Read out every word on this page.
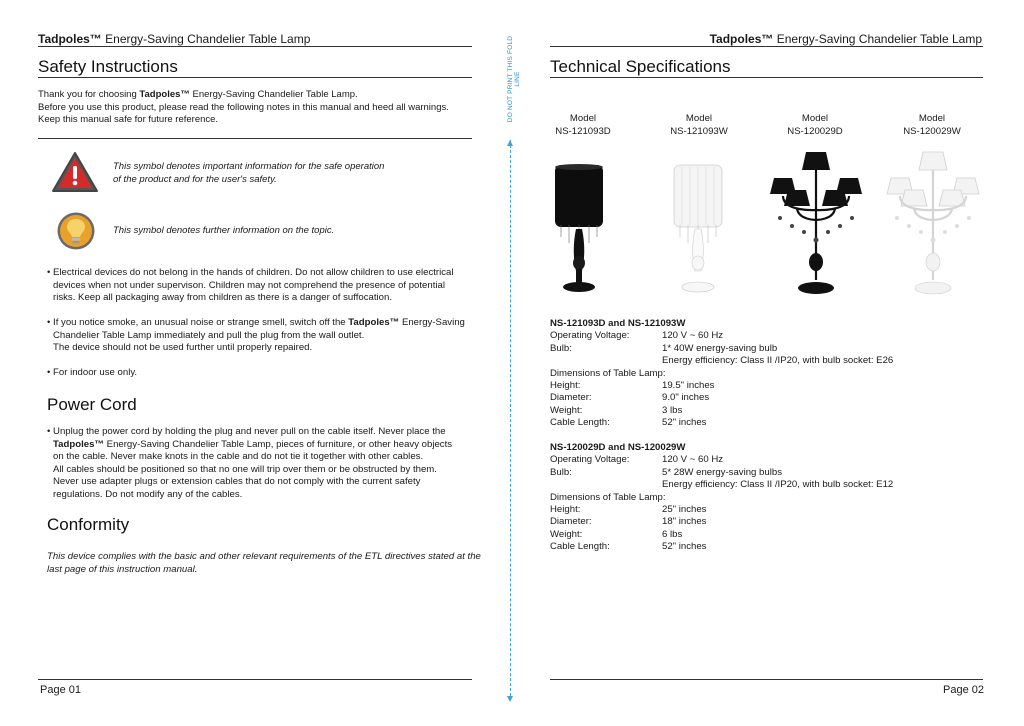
Tadpoles™ Energy-Saving Chandelier Table Lamp
Safety Instructions
Thank you for choosing Tadpoles™ Energy-Saving Chandelier Table Lamp.
Before you use this product, please read the following notes in this manual and heed all warnings.
Keep this manual safe for future reference.
This symbol denotes important information for the safe operation
of the product and for the user's safety.
This symbol denotes further information on the topic.
• Electrical devices do not belong in the hands of children. Do not allow children to use electrical
devices when not under supervison. Children may not comprehend the presence of potential
risks. Keep all packaging away from children as there is a danger of suffocation.
• If you notice smoke, an unusual noise or strange smell, switch off the Tadpoles™ Energy-Saving
Chandelier Table Lamp immediately and pull the plug from the wall outlet.
The device should not be used further until properly repaired.
• For indoor use only.
Power Cord
• Unplug the power cord by holding the plug and never pull on the cable itself. Never place the
Tadpoles™ Energy-Saving Chandelier Table Lamp, pieces of furniture, or other heavy objects
on the cable. Never make knots in the cable and do not tie it together with other cables.
All cables should be positioned so that no one will trip over them or be obstructed by them.
Never use adapter plugs or extension cables that do not comply with the current safety
regulations. Do not modify any of the cables.
Conformity
This device complies with the basic and other relevant requirements of the ETL directives stated at the
last page of this instruction manual.
Page 01
DO NOT PRINT THIS FOLD LINE
Tadpoles™ Energy-Saving Chandelier Table Lamp
Technical Specifications
Model
NS-121093D
Model
NS-121093W
Model
NS-120029D
Model
NS-120029W
NS-121093D and NS-121093W
Operating Voltage:	120 V ~ 60 Hz
Bulb:	1* 40W energy-saving bulb
Energy efficiency: Class II /IP20, with bulb socket: E26
Dimensions of Table Lamp:
Height:	19.5" inches
Diameter:	9.0" inches
Weight:	3 lbs
Cable Length:	52" inches
NS-120029D and NS-120029W
Operating Voltage:	120 V ~ 60 Hz
Bulb:	5* 28W energy-saving bulbs
Energy efficiency: Class II /IP20, with bulb socket: E12
Dimensions of Table Lamp:
Height:	25" inches
Diameter:	18" inches
Weight:	6 lbs
Cable Length:	52" inches
Page 02
